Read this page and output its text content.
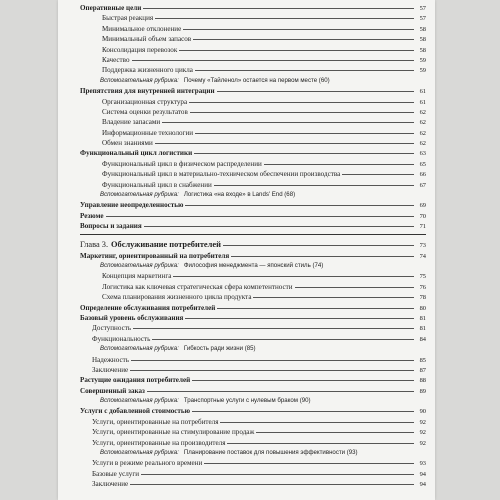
Оперативные цели	57
Быстрая реакция	57
Минимальное отклонение	58
Минимальный объем запасов	58
Консолидация перевозок	58
Качество	59
Поддержка жизненного цикла	59
Вспомогательная рубрика: Почему «Тайленол» остается на первом месте (60)
Препятствия для внутренней интеграции	61
Организационная структура	61
Система оценки результатов	62
Владение запасами	62
Информационные технологии	62
Обмен знаниями	62
Функциональный цикл логистики	63
Функциональный цикл в физическом распределении	65
Функциональный цикл в материально-техническом обеспечении производства	66
Функциональный цикл в снабжении	67
Вспомогательная рубрика: Логистика «на входе» в Lands' End (68)
Управление неопределенностью	69
Резюме	70
Вопросы и задания	71
Глава 3. Обслуживание потребителей	73
Маркетинг, ориентированный на потребителя	74
Вспомогательная рубрика: Философия менеджмента — японский стиль (74)
Концепция маркетинга	75
Логистика как ключевая стратегическая сфера компетентности	76
Схема планирования жизненного цикла продукта	78
Определение обслуживания потребителей	80
Базовый уровень обслуживания	81
Доступность	81
Функциональность	84
Вспомогательная рубрика: Гибкость ради жизни (85)
Надежность	85
Заключение	87
Растущие ожидания потребителей	88
Совершенный заказ	89
Вспомогательная рубрика: Транспортные услуги с нулевым браком (90)
Услуги с добавленной стоимостью	90
Услуги, ориентированные на потребителя	92
Услуги, ориентированные на стимулирование продаж	92
Услуги, ориентированные на производителя	92
Вспомогательная рубрика: Планирование поставок для повышения эффективности (93)
Услуги в режиме реального времени	93
Базовые услуги	94
Заключение	94
